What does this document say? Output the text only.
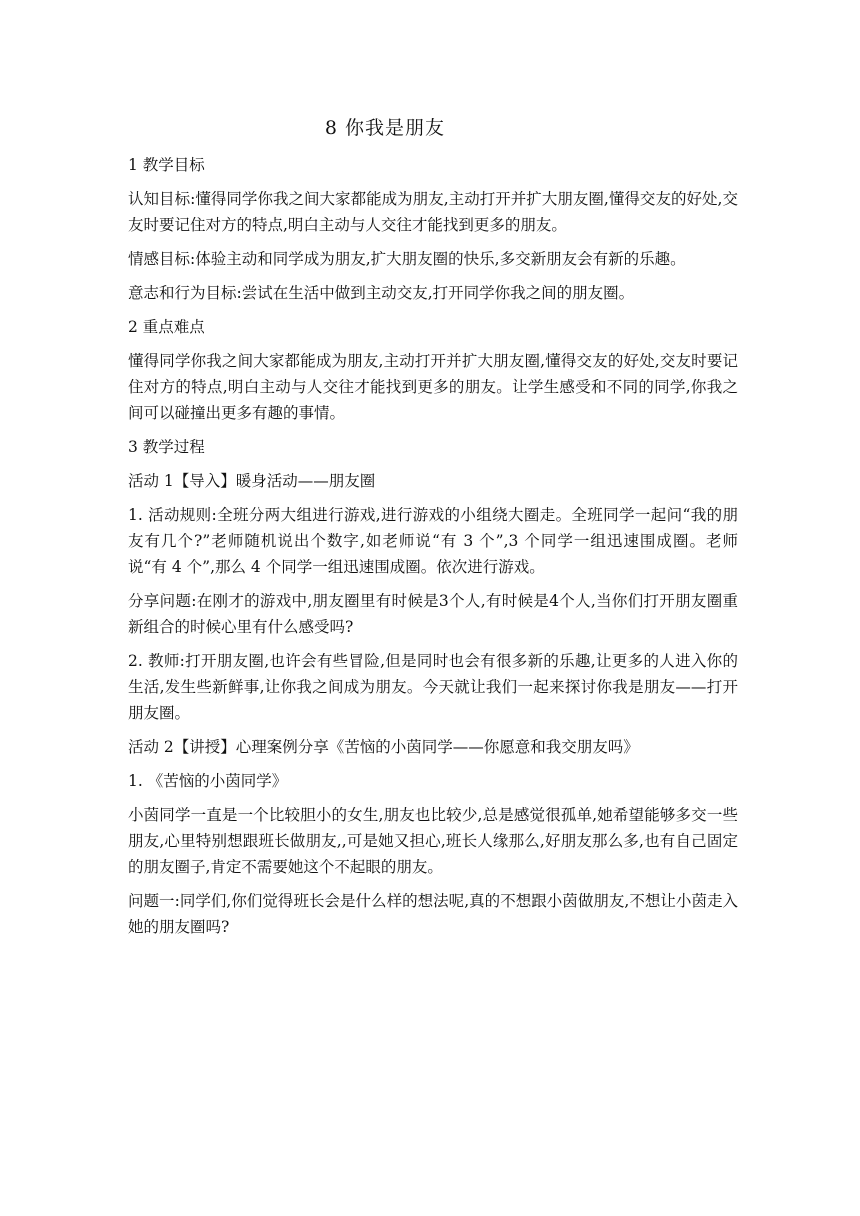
8 你我是朋友

1 教学目标

认知目标:懂得同学你我之间大家都能成为朋友,主动打开并扩大朋友圈,懂得交友的好处,交友时要记住对方的特点,明白主动与人交往才能找到更多的朋友。

情感目标:体验主动和同学成为朋友,扩大朋友圈的快乐,多交新朋友会有新的乐趣。

意志和行为目标:尝试在生活中做到主动交友,打开同学你我之间的朋友圈。

2 重点难点

懂得同学你我之间大家都能成为朋友,主动打开并扩大朋友圈,懂得交友的好处,交友时要记住对方的特点,明白主动与人交往才能找到更多的朋友。让学生感受和不同的同学,你我之间可以碰撞出更多有趣的事情。

3 教学过程

活动 1【导入】暖身活动——朋友圈

1. 活动规则:全班分两大组进行游戏,进行游戏的小组绕大圈走。全班同学一起问“我的朋友有几个?”老师随机说出个数字,如老师说“有 3 个”,3 个同学一组迅速围成圈。老师说“有 4 个”,那么 4 个同学一组迅速围成圈。依次进行游戏。

分享问题:在刚才的游戏中,朋友圈里有时候是3个人,有时候是4个人,当你们打开朋友圈重新组合的时候心里有什么感受吗?

2. 教师:打开朋友圈,也许会有些冒险,但是同时也会有很多新的乐趣,让更多的人进入你的生活,发生些新鲜事,让你我之间成为朋友。今天就让我们一起来探讨你我是朋友——打开朋友圈。

活动 2【讲授】心理案例分享《苦恼的小茵同学——你愿意和我交朋友吗》

1. 《苦恼的小茵同学》

小茵同学一直是一个比较胆小的女生,朋友也比较少,总是感觉很孤单,她希望能够多交一些朋友,心里特别想跟班长做朋友,,可是她又担心,班长人缘那么,好朋友那么多,也有自己固定的朋友圈子,肯定不需要她这个不起眼的朋友。

问题一:同学们,你们觉得班长会是什么样的想法呢,真的不想跟小茵做朋友,不想让小茵走入她的朋友圈吗?
